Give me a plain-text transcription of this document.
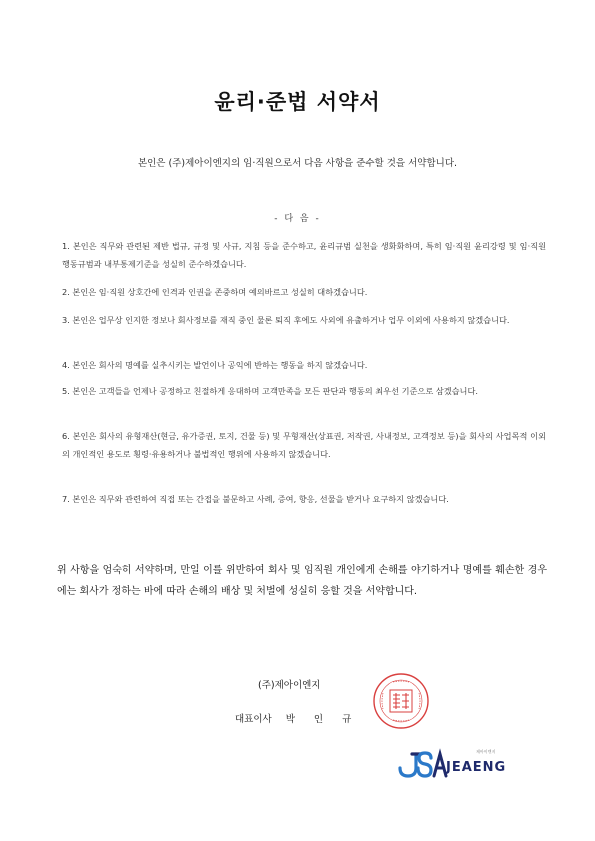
윤리·준법 서약서
본인은 (주)제아이엔지의 임·직원으로서 다음 사항을 준수할 것을 서약합니다.
- 다 음 -

1. 본인은 직무와 관련된 제반 법규, 규정 및 사규, 지침 등을 준수하고, 윤리규범 실천을 생화화하며, 특히 임·직원 윤리강령 및 임·직원 행동규범과 내부통제기준을 성실히 준수하겠습니다.

2. 본인은 임·직원 상호간에 인격과 인권을 존중하며 예의바르고 성실히 대하겠습니다.

3. 본인은 업무상 인지한 정보나 회사정보를 재직 중인 물론 퇴직 후에도 사외에 유출하거나 업무 이외에 사용하지 않겠습니다.

4. 본인은 회사의 명예를 실추시키는 발언이나 공익에 반하는 행동을 하지 않겠습니다.

5. 본인은 고객들을 언제나 공정하고 친절하게 응대하며 고객만족을 모든 판단과 행동의 최우선 기준으로 삼겠습니다.

6. 본인은 회사의 유형재산(현금, 유가증권, 토지, 건물 등) 및 무형재산(상표권, 저작권, 사내정보, 고객정보 등)을 회사의 사업목적 이외의 개인적인 용도로 횡령·유용하거나 불법적인 행위에 사용하지 않겠습니다.

7. 본인은 직무와 관련하여 직접 또는 간접을 불문하고 사례, 증여, 향응, 선물을 받거나 요구하지 않겠습니다.

위 사항을 엄숙히 서약하며, 만일 이를 위반하여 회사 및 임직원 개인에게 손해를 야기하거나 명예를 훼손한 경우에는 회사가 정하는 바에 따라 손해의 배상 및 처벌에 성실히 응할 것을 서약합니다.

(주)제아이엔지
대표이사 박 인 규
제아이엔지
JEAENG
